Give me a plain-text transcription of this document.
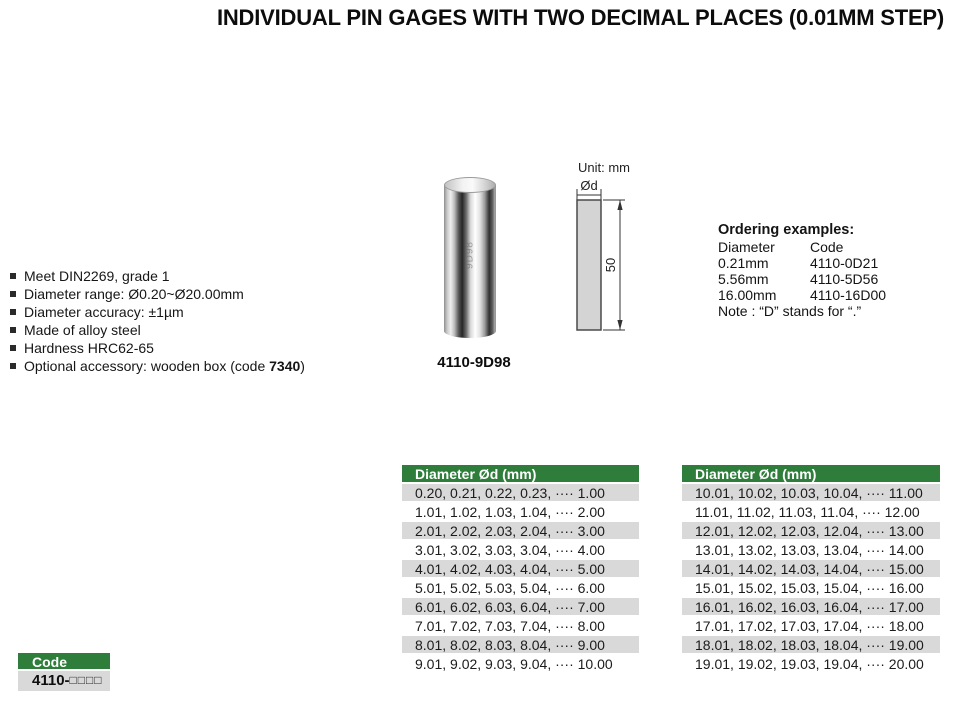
INDIVIDUAL PIN GAGES WITH TWO DECIMAL PLACES (0.01MM STEP)
Meet DIN2269, grade 1
Diameter range: Ø0.20~Ø20.00mm
Diameter accuracy: ±1µm
Made of alloy steel
Hardness HRC62-65
Optional accessory: wooden box (code 7340)
9D98
4110-9D98
Unit: mm
Ød
50
Ordering examples:
Diameter	Code
0.21mm	4110-0D21
5.56mm	4110-5D56
16.00mm	4110-16D00
Note : “D” stands for “.”
Diameter Ød (mm)
0.20, 0.21, 0.22, 0.23, ···· 1.00
1.01, 1.02, 1.03, 1.04, ···· 2.00
2.01, 2.02, 2.03, 2.04, ···· 3.00
3.01, 3.02, 3.03, 3.04, ···· 4.00
4.01, 4.02, 4.03, 4.04, ···· 5.00
5.01, 5.02, 5.03, 5.04, ···· 6.00
6.01, 6.02, 6.03, 6.04, ···· 7.00
7.01, 7.02, 7.03, 7.04, ···· 8.00
8.01, 8.02, 8.03, 8.04, ···· 9.00
9.01, 9.02, 9.03, 9.04, ···· 10.00
Diameter Ød (mm)
10.01, 10.02, 10.03, 10.04, ···· 11.00
11.01, 11.02, 11.03, 11.04, ···· 12.00
12.01, 12.02, 12.03, 12.04, ···· 13.00
13.01, 13.02, 13.03, 13.04, ···· 14.00
14.01, 14.02, 14.03, 14.04, ···· 15.00
15.01, 15.02, 15.03, 15.04, ···· 16.00
16.01, 16.02, 16.03, 16.04, ···· 17.00
17.01, 17.02, 17.03, 17.04, ···· 18.00
18.01, 18.02, 18.03, 18.04, ···· 19.00
19.01, 19.02, 19.03, 19.04, ···· 20.00
Code
4110-□□□□
